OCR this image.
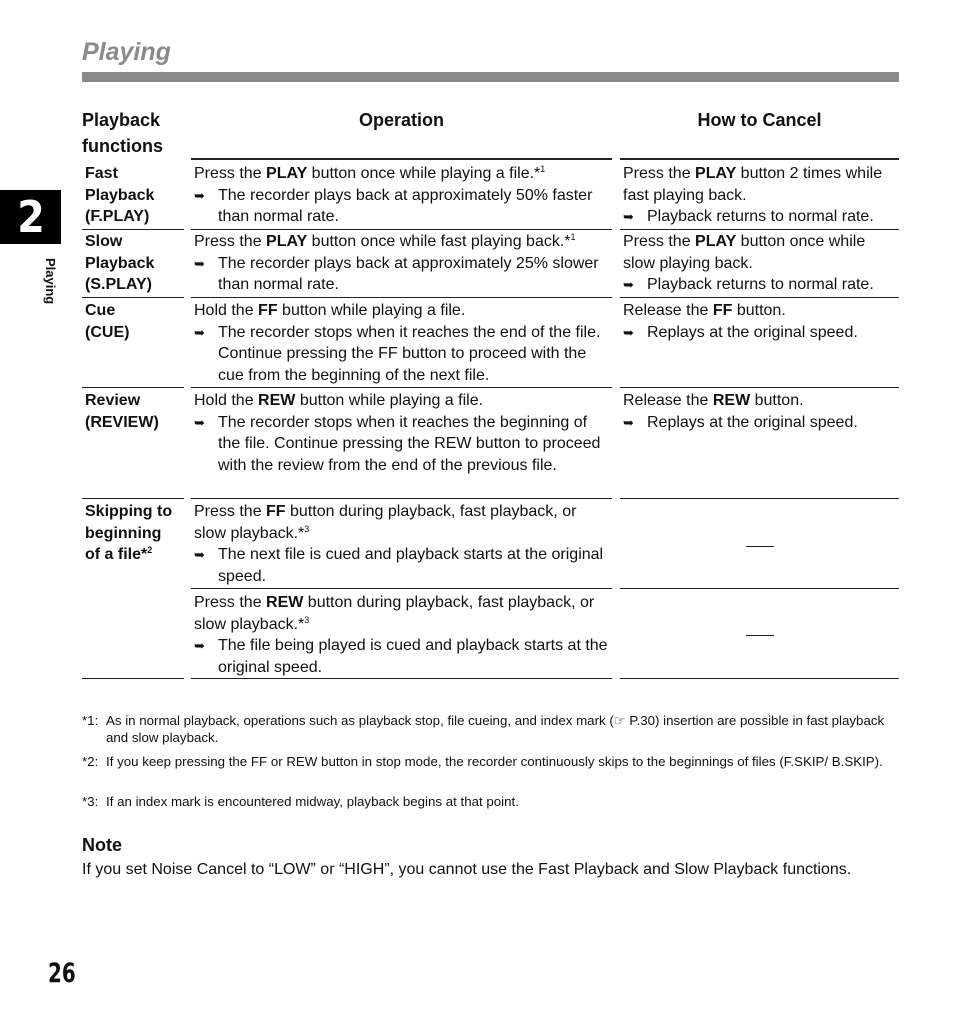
Playing
2
Playing
Playback functions
Operation	How to Cancel
Fast
Playback
(F.PLAY)
Press the PLAY button once while playing a file.*$^1$
➥ The recorder plays back at approximately 50% faster than normal rate.
Press the PLAY button 2 times while fast playing back.
➥ Playback returns to normal rate.
Slow
Playback
(S.PLAY)
Press the PLAY button once while fast playing back.*$^1$
➥ The recorder plays back at approximately 25% slower than normal rate.
Press the PLAY button once while slow playing back.
➥ Playback returns to normal rate.
Cue
(CUE)
Hold the FF button while playing a file.
➥ The recorder stops when it reaches the end of the file. Continue pressing the FF button to proceed with the cue from the beginning of the next file.
Release the FF button.
➥ Replays at the original speed.
Review
(REVIEW)
Hold the REW button while playing a file.
➥ The recorder stops when it reaches the beginning of the file. Continue pressing the REW button to proceed with the review from the end of the previous file.
Release the REW button.
➥ Replays at the original speed.
Skipping to
beginning
of a file*$^2$
Press the FF button during playback, fast playback, or slow playback.*$^3$
➥ The next file is cued and playback starts at the original speed.
Press the REW button during playback, fast playback, or slow playback.*$^3$
➥ The file being played is cued and playback starts at the original speed.
*1: As in normal playback, operations such as playback stop, file cueing, and index mark (☞ P.30) insertion are possible in fast playback and slow playback.
*2: If you keep pressing the FF or REW button in stop mode, the recorder continuously skips to the beginnings of files (F.SKIP/ B.SKIP).
*3: If an index mark is encountered midway, playback begins at that point.
Note
If you set Noise Cancel to “LOW” or “HIGH”, you cannot use the Fast Playback and Slow Playback functions.
26
